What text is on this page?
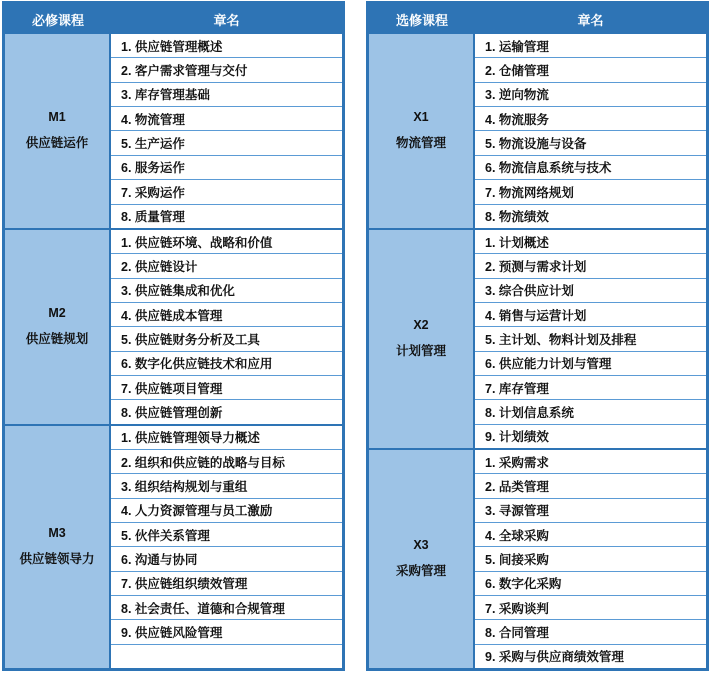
必修课程	章名
M1
供应链运作
1. 供应链管理概述
2. 客户需求管理与交付
3. 库存管理基础
4. 物流管理
5. 生产运作
6. 服务运作
7. 采购运作
8. 质量管理
M2
供应链规划
1. 供应链环境、战略和价值
2. 供应链设计
3. 供应链集成和优化
4. 供应链成本管理
5. 供应链财务分析及工具
6. 数字化供应链技术和应用
7. 供应链项目管理
8. 供应链管理创新
M3
供应链领导力
1. 供应链管理领导力概述
2. 组织和供应链的战略与目标
3. 组织结构规划与重组
4. 人力资源管理与员工激励
5. 伙伴关系管理
6. 沟通与协同
7. 供应链组织绩效管理
8. 社会责任、道德和合规管理
9. 供应链风险管理
选修课程	章名
X1
物流管理
1. 运输管理
2. 仓储管理
3. 逆向物流
4. 物流服务
5. 物流设施与设备
6. 物流信息系统与技术
7. 物流网络规划
8. 物流绩效
X2
计划管理
1. 计划概述
2. 预测与需求计划
3. 综合供应计划
4. 销售与运营计划
5. 主计划、物料计划及排程
6. 供应能力计划与管理
7. 库存管理
8. 计划信息系统
9. 计划绩效
X3
采购管理
1. 采购需求
2. 品类管理
3. 寻源管理
4. 全球采购
5. 间接采购
6. 数字化采购
7. 采购谈判
8. 合同管理
9. 采购与供应商绩效管理
